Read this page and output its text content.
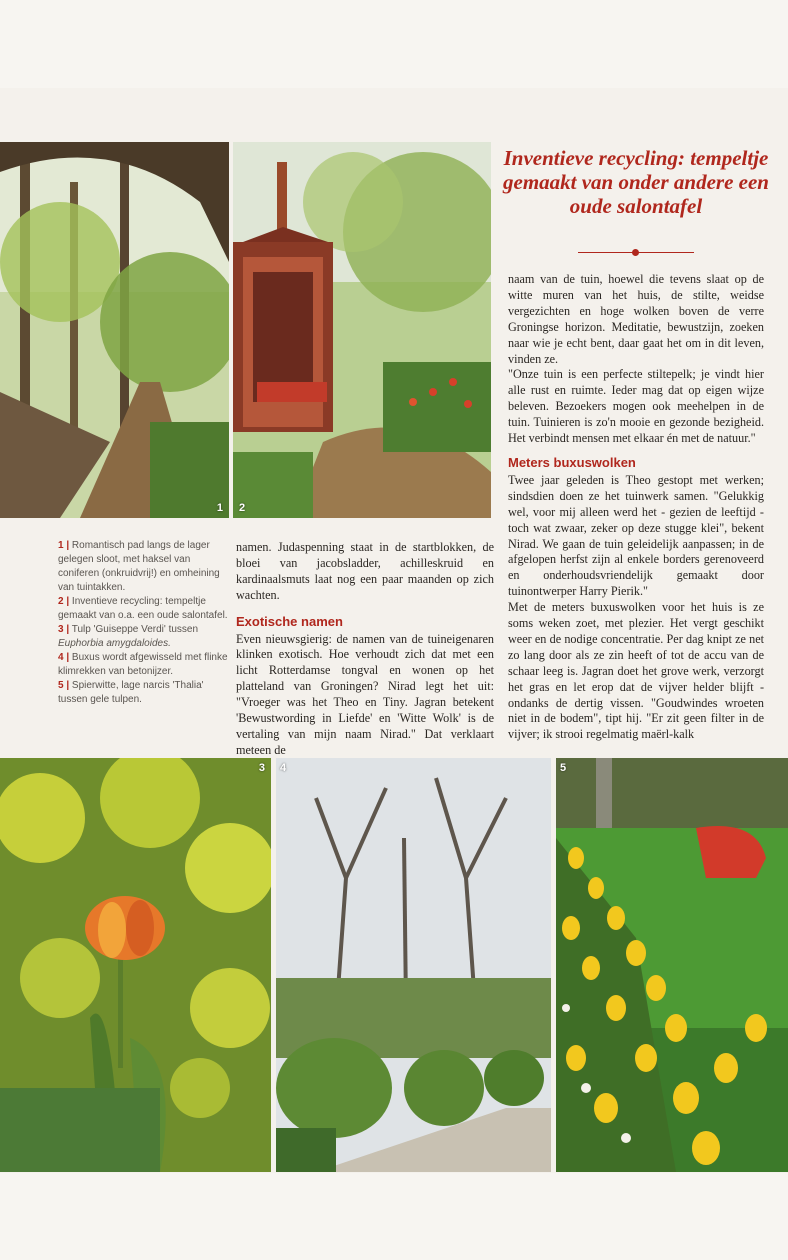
1 2
Inventieve recycling: tempeltje gemaakt van onder andere een oude salontafel

naam van de tuin, hoewel die tevens slaat op de witte muren van het huis, de stilte, weidse vergezichten en hoge wolken boven de verre Groningse horizon. Meditatie, bewustzijn, zoeken naar wie je echt bent, daar gaat het om in dit leven, vinden ze.

"Onze tuin is een perfecte stiltepelk; je vindt hier alle rust en ruimte. Ieder mag dat op eigen wijze beleven. Bezoekers mogen ook meehelpen in de tuin. Tuinieren is zo'n mooie en gezonde bezigheid. Het verbindt mensen met elkaar én met de natuur."

Meters buxuswolken

Twee jaar geleden is Theo gestopt met werken; sindsdien doen ze het tuinwerk samen. "Gelukkig wel, voor mij alleen werd het - gezien de leeftijd - toch wat zwaar, zeker op deze stugge klei", bekent Nirad. We gaan de tuin geleidelijk aanpassen; in de afgelopen herfst zijn al enkele borders gerenoveerd en onderhoudsvriendelijk gemaakt door tuinontwerper Harry Pierik."

Met de meters buxuswolken voor het huis is ze soms weken zoet, met plezier. Het vergt geschikt weer en de nodige concentratie. Per dag knipt ze net zo lang door als ze zin heeft of tot de accu van de schaar leeg is. Jagran doet het grove werk, verzorgt het gras en let erop dat de vijver helder blijft - ondanks de dertig vissen. "Goudwindes wroeten niet in de bodem", tipt hij. "Er zit geen filter in de vijver; ik strooi regelmatig maërl-kalk

1 | Romantisch pad langs de lager gelegen sloot, met haksel van coniferen (onkruidvrij!) en omheining van tuintakken.
2 | Inventieve recycling: tempeltje gemaakt van o.a. een oude salontafel.
3 | Tulp 'Guiseppe Verdi' tussen Euphorbia amygdaloides.
4 | Buxus wordt afgewisseld met flinke klimrekken van betonijzer.
5 | Spierwitte, lage narcis 'Thalia' tussen gele tulpen.

namen. Judaspenning staat in de startblokken, de bloei van jacobsladder, achilleskruid en kardinaalsmuts laat nog een paar maanden op zich wachten.

Exotische namen

Even nieuwsgierig: de namen van de tuineigenaren klinken exotisch. Hoe verhoudt zich dat met een licht Rotterdamse tongval en wonen op het platteland van Groningen? Nirad legt het uit: "Vroeger was het Theo en Tiny. Jagran betekent 'Bewustwording in Liefde' en 'Witte Wolk' is de vertaling van mijn naam Nirad." Dat verklaart meteen de

3 4	5
